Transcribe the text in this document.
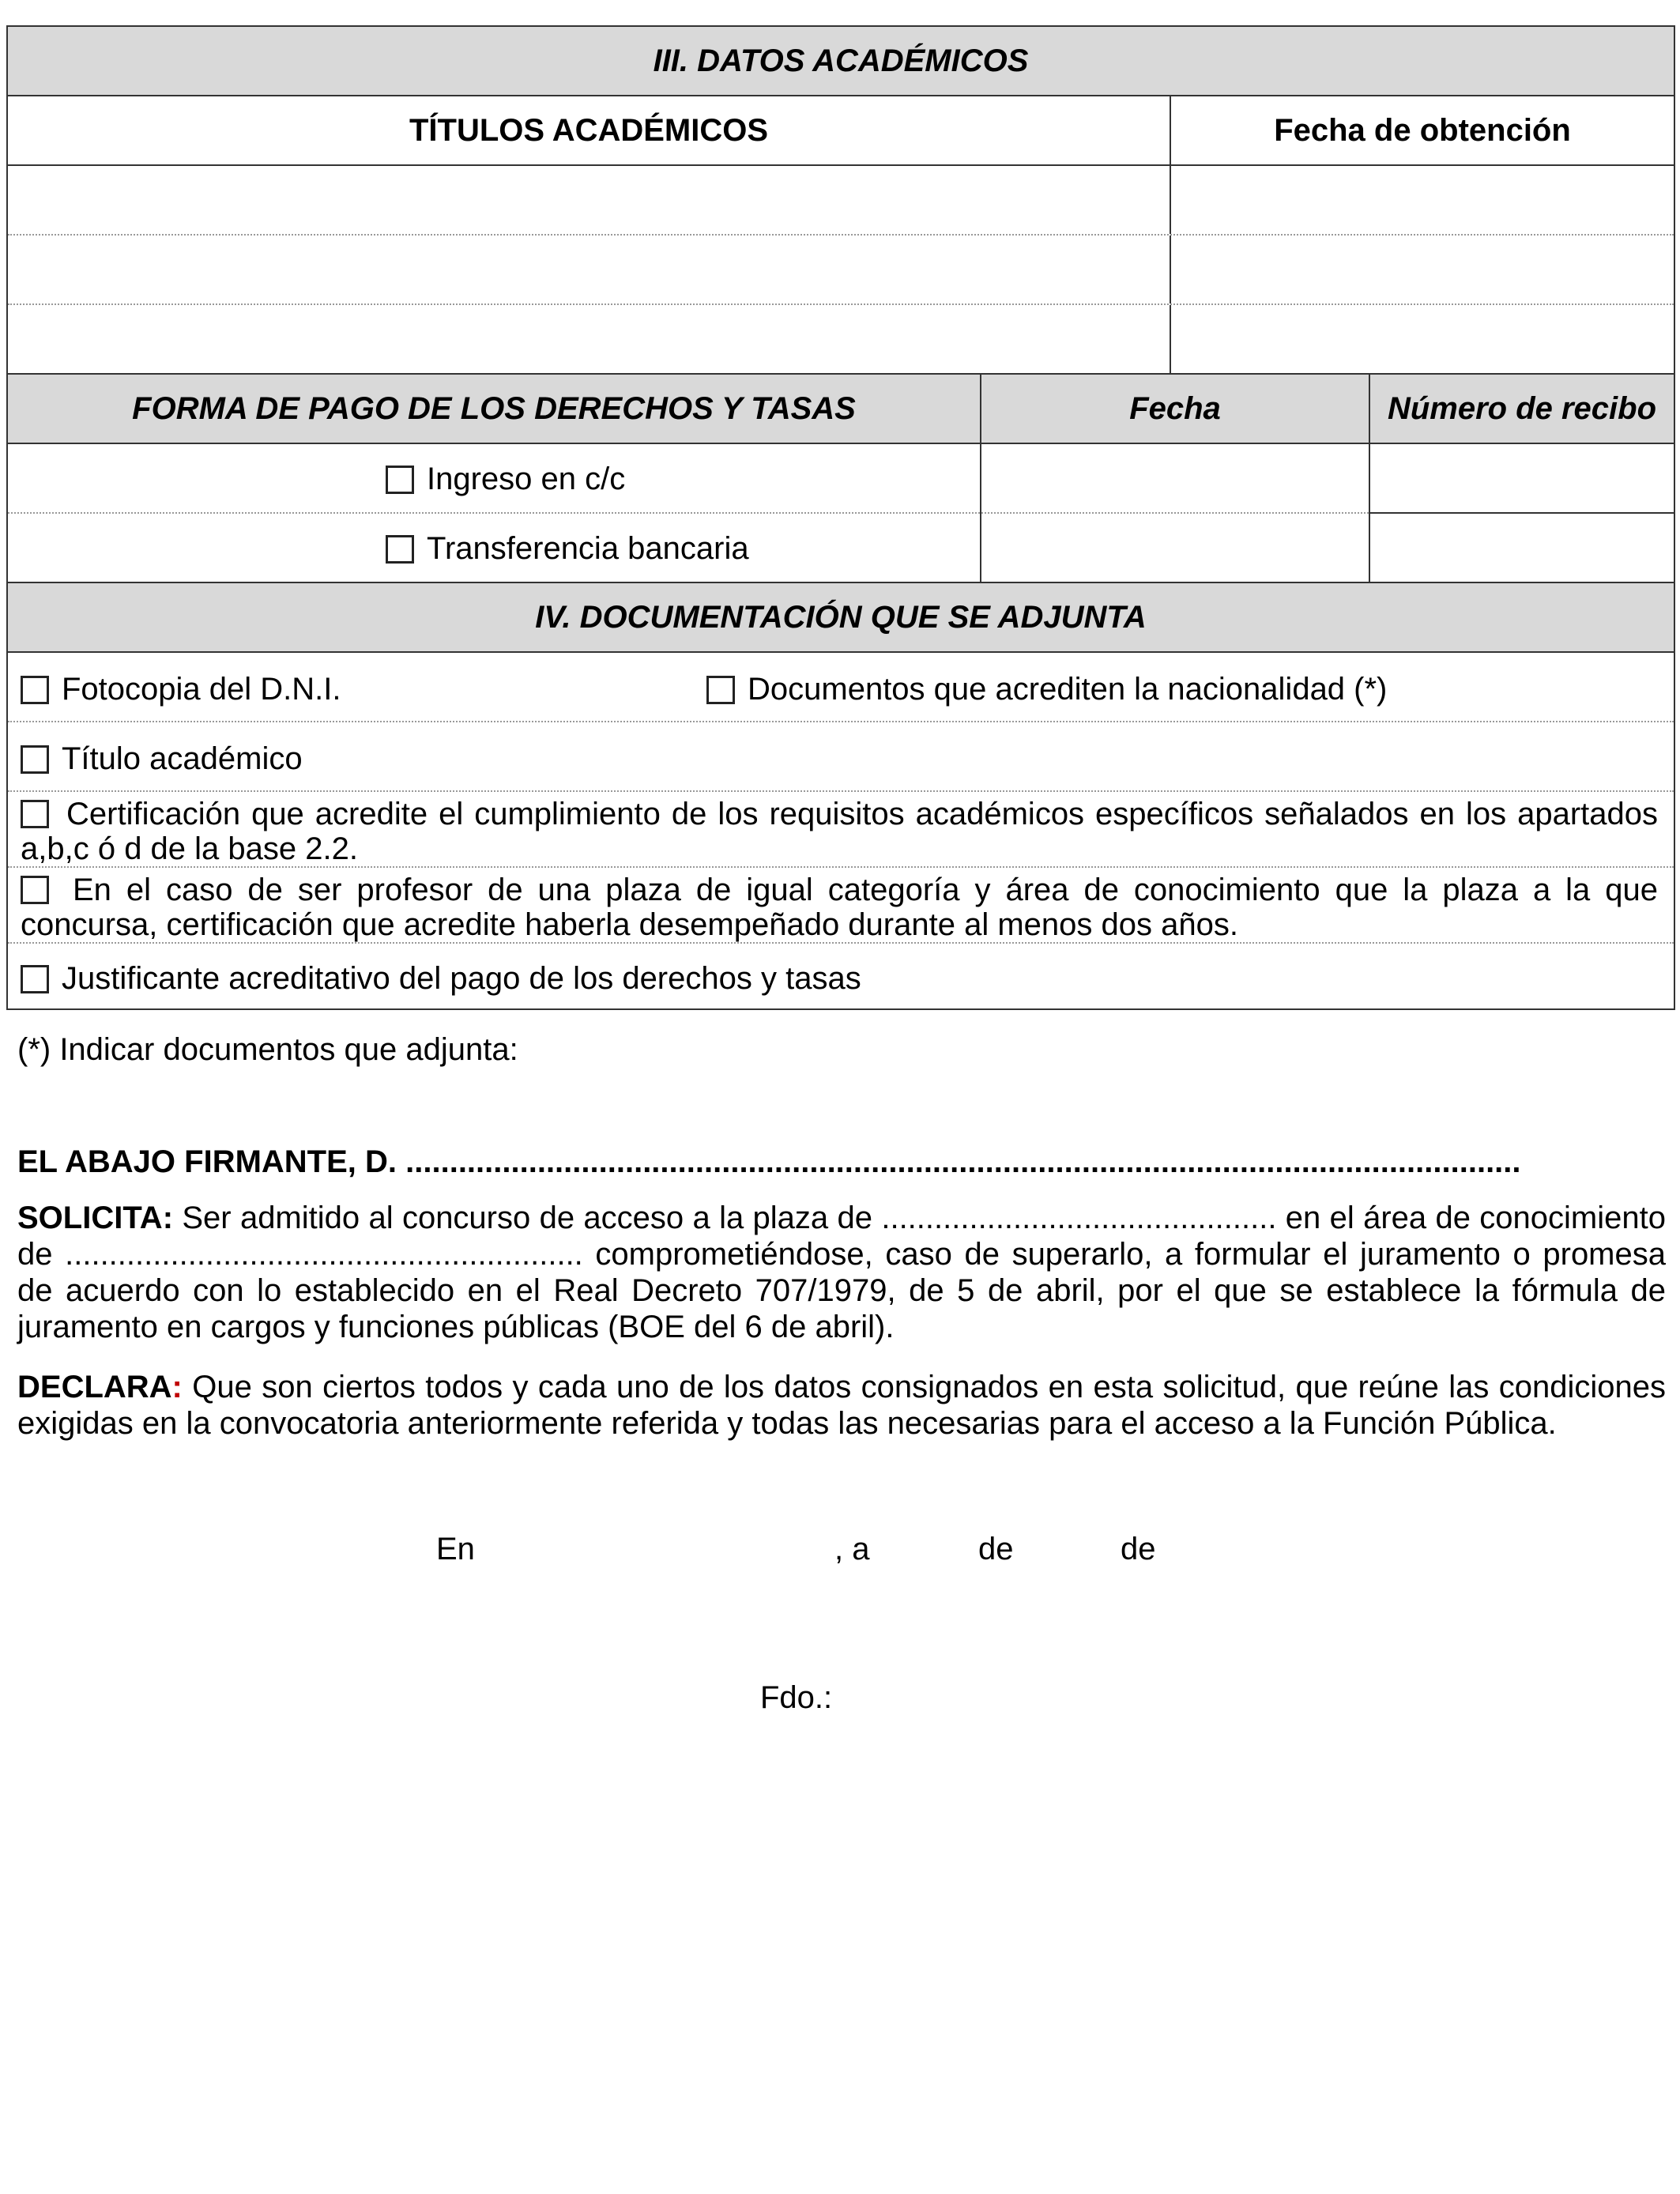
III. DATOS ACADÉMICOS
TÍTULOS ACADÉMICOS	Fecha de obtención
FORMA DE PAGO DE LOS DERECHOS Y TASAS	Fecha	Número de recibo
Ingreso en c/c
Transferencia bancaria
IV. DOCUMENTACIÓN QUE SE ADJUNTA
Fotocopia del D.N.I.	Documentos que acrediten la nacionalidad (*)
Título académico
Certificación que acredite el cumplimiento de los requisitos académicos específicos señalados en los apartados a,b,c ó d de la base 2.2.
En el caso de ser profesor de una plaza de igual categoría y área de conocimiento que la plaza a la que concursa, certificación que acredite haberla desempeñado durante al menos dos años.
Justificante acreditativo del pago de los derechos y tasas
(*) Indicar documentos que adjunta:
EL ABAJO FIRMANTE, D. ...............................................................................................................................
SOLICITA: Ser admitido al concurso de acceso a la plaza de ............................................. en el área de conocimiento de ........................................................... comprometiéndose, caso de superarlo, a formular el juramento o promesa de acuerdo con lo establecido en el Real Decreto 707/1979, de 5 de abril, por el que se establece la fórmula de juramento en cargos y funciones públicas (BOE del 6 de abril).
DECLARA: Que son ciertos todos y cada uno de los datos consignados en esta solicitud, que reúne las condiciones exigidas en la convocatoria anteriormente referida y todas las necesarias para el acceso a la Función Pública.
En	, a	de	de
Fdo.:
